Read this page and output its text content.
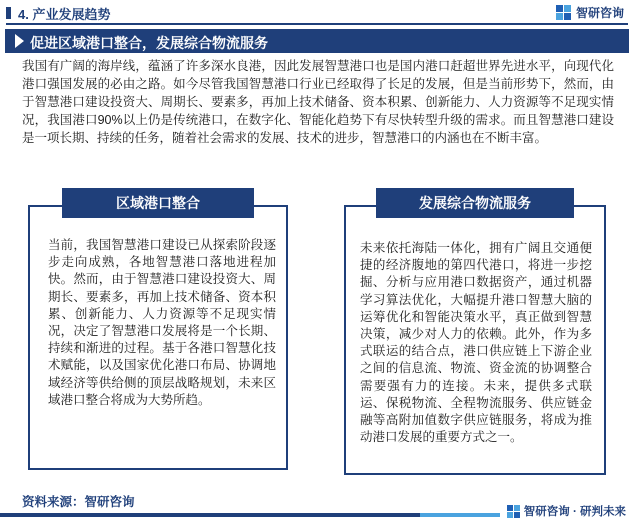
4. 产业发展趋势	智研咨询
促进区域港口整合，发展综合物流服务
我国有广阔的海岸线，蕴涵了许多深水良港，因此发展智慧港口也是国内港口赶超世界先进水平，向现代化港口强国发展的必由之路。如今尽管我国智慧港口行业已经取得了长足的发展，但是当前形势下，然而，由于智慧港口建设投资大、周期长、要素多，再加上技术储备、资本积累、创新能力、人力资源等不足现实情况，我国港口90%以上仍是传统港口，在数字化、智能化趋势下有尽快转型升级的需求。而且智慧港口建设是一项长期、持续的任务，随着社会需求的发展、技术的进步，智慧港口的内涵也在不断丰富。
区域港口整合
当前，我国智慧港口建设已从探索阶段逐步走向成熟，各地智慧港口落地进程加快。然而，由于智慧港口建设投资大、周期长、要素多，再加上技术储备、资本积累、创新能力、人力资源等不足现实情况，决定了智慧港口发展将是一个长期、持续和渐进的过程。基于各港口智慧化技术赋能，以及国家优化港口布局、协调地域经济等供给侧的顶层战略规划，未来区域港口整合将成为大势所趋。
发展综合物流服务
未来依托海陆一体化，拥有广阔且交通便捷的经济腹地的第四代港口，将进一步挖掘、分析与应用港口数据资产，通过机器学习算法优化，大幅提升港口智慧大脑的运筹优化和智能决策水平，真正做到智慧决策，减少对人力的依赖。此外，作为多式联运的结合点，港口供应链上下游企业之间的信息流、物流、资金流的协调整合需要强有力的连接。未来，提供多式联运、保税物流、全程物流服务、供应链金融等高附加值数字供应链服务，将成为推动港口发展的重要方式之一。
资料来源：智研咨询
智研咨询 · 研判未来
